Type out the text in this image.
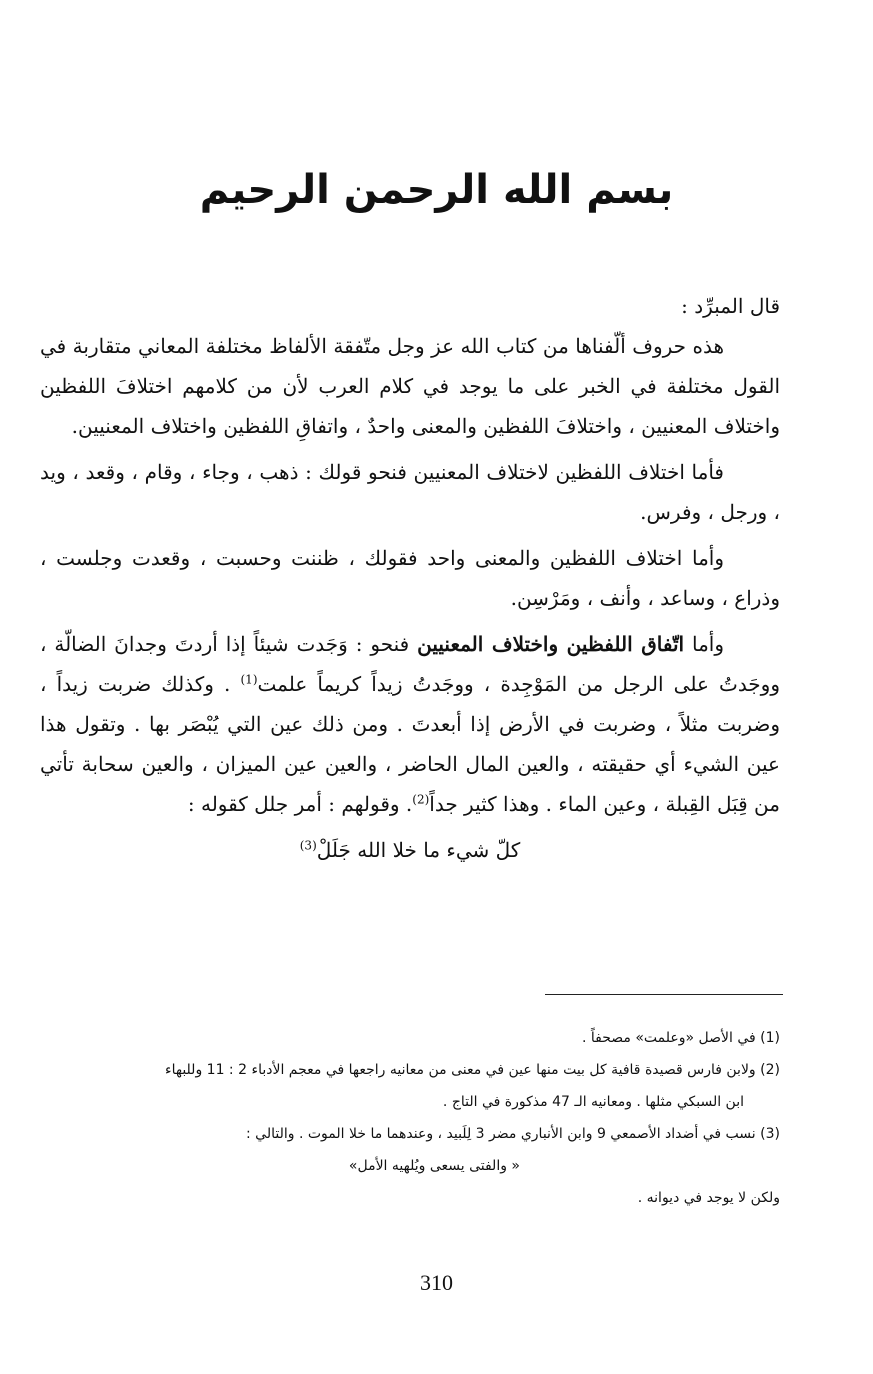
بسم الله الرحمن الرحيم

قال المبرِّد :

هذه حروف ألّفناها من كتاب الله عز وجل متّفقة الألفاظ مختلفة المعاني متقاربة في القول مختلفة في الخبر على ما يوجد في كلام العرب لأن من كلامهم اختلافَ اللفظين واختلاف المعنيين ، واختلافَ اللفظين والمعنى واحدٌ ، واتفاقِ اللفظين واختلاف المعنيين.

فأما اختلاف اللفظين لاختلاف المعنيين فنحو قولك : ذهب ، وجاء ، وقام ، وقعد ، ويد ، ورجل ، وفرس.

وأما اختلاف اللفظين والمعنى واحد فقولك ، ظننت وحسبت ، وقعدت وجلست ، وذراع ، وساعد ، وأنف ، ومَرْسِن.

وأما اتّفاق اللفظين واختلاف المعنيين فنحو : وَجَدت شيئاً إذا أردتَ وجدانَ الضالّة ، ووجَدتُ على الرجل من المَوْجِدة ، ووجَدتُ زيداً كريماً علمت$^{(1)}$ . وكذلك ضربت زيداً ، وضربت مثلاً ، وضربت في الأرض إذا أبعدتَ . ومن ذلك عين التي يُبْصَر بها . وتقول هذا عين الشيء أي حقيقته ، والعين المال الحاضر ، والعين عين الميزان ، والعين سحابة تأتي من قِبَل القِبلة ، وعين الماء . وهذا كثير جداً$^{(2)}$. وقولهم : أمر جلل كقوله :

كلّ شيء ما خلا الله جَلَلْ$^{(3)}$

(1) في الأصل «وعلمت» مصحفاً .

(2) ولابن فارس قصيدة قافية كل بيت منها عين في معنى من معانيه راجعها في معجم الأدباء 2 : 11 وللبهاء

ابن السبكي مثلها . ومعانيه الـ 47 مذكورة في التاج .

(3) نسب في أضداد الأصمعي 9 وابن الأنباري مضر 3 لِلَبيد ، وعندهما ما خلا الموت . والتالي :

« والفتى يسعى ويُلهيه الأمل»

ولكن لا يوجد في ديوانه .

310
